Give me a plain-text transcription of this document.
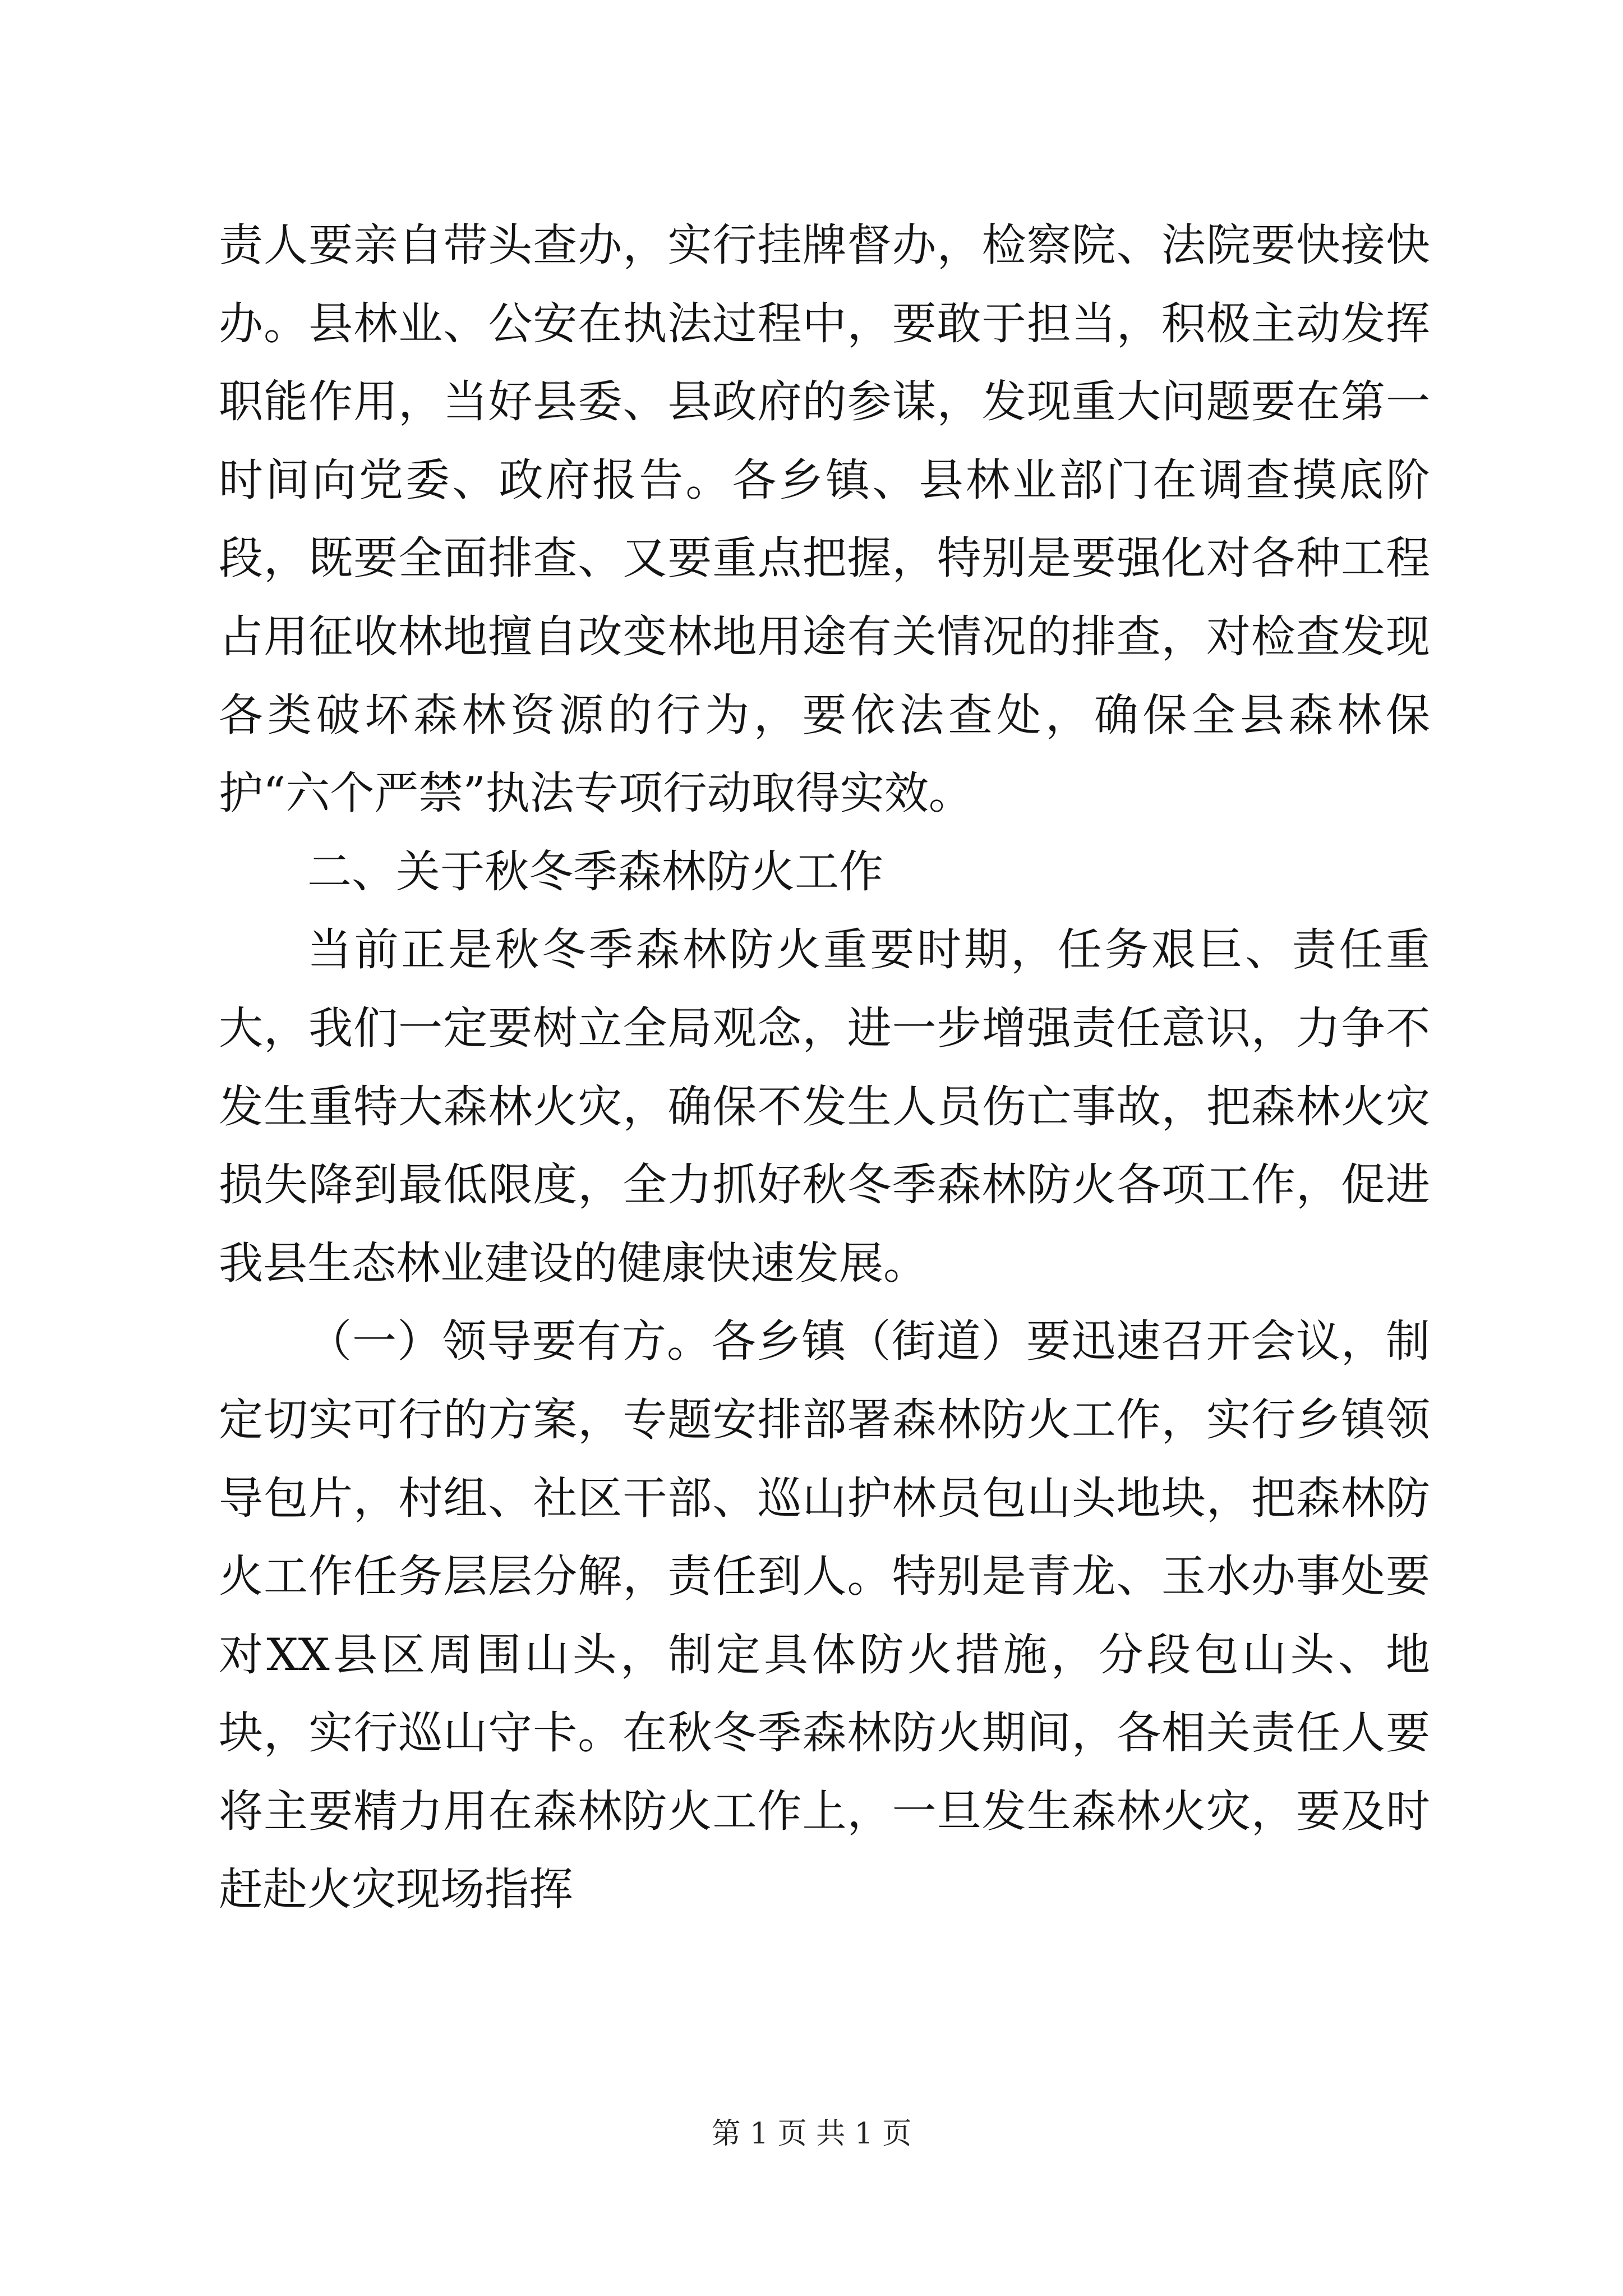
责人要亲自带头查办，实行挂牌督办，检察院、法院要快接快办。县林业、公安在执法过程中，要敢于担当，积极主动发挥职能作用，当好县委、县政府的参谋，发现重大问题要在第一时间向党委、政府报告。各乡镇、县林业部门在调查摸底阶段，既要全面排查、又要重点把握，特别是要强化对各种工程占用征收林地擅自改变林地用途有关情况的排查，对检查发现各类破坏森林资源的行为，要依法查处，确保全县森林保护“六个严禁”执法专项行动取得实效。

二、关于秋冬季森林防火工作

当前正是秋冬季森林防火重要时期，任务艰巨、责任重大，我们一定要树立全局观念，进一步增强责任意识，力争不发生重特大森林火灾，确保不发生人员伤亡事故，把森林火灾损失降到最低限度，全力抓好秋冬季森林防火各项工作，促进我县生态林业建设的健康快速发展。

（一）领导要有方。各乡镇（街道）要迅速召开会议，制定切实可行的方案，专题安排部署森林防火工作，实行乡镇领导包片，村组、社区干部、巡山护林员包山头地块，把森林防火工作任务层层分解，责任到人。特别是青龙、玉水办事处要对XX县区周围山头，制定具体防火措施，分段包山头、地块，实行巡山守卡。在秋冬季森林防火期间，各相关责任人要将主要精力用在森林防火工作上，一旦发生森林火灾，要及时赶赴火灾现场指挥

第 1 页 共 1 页
